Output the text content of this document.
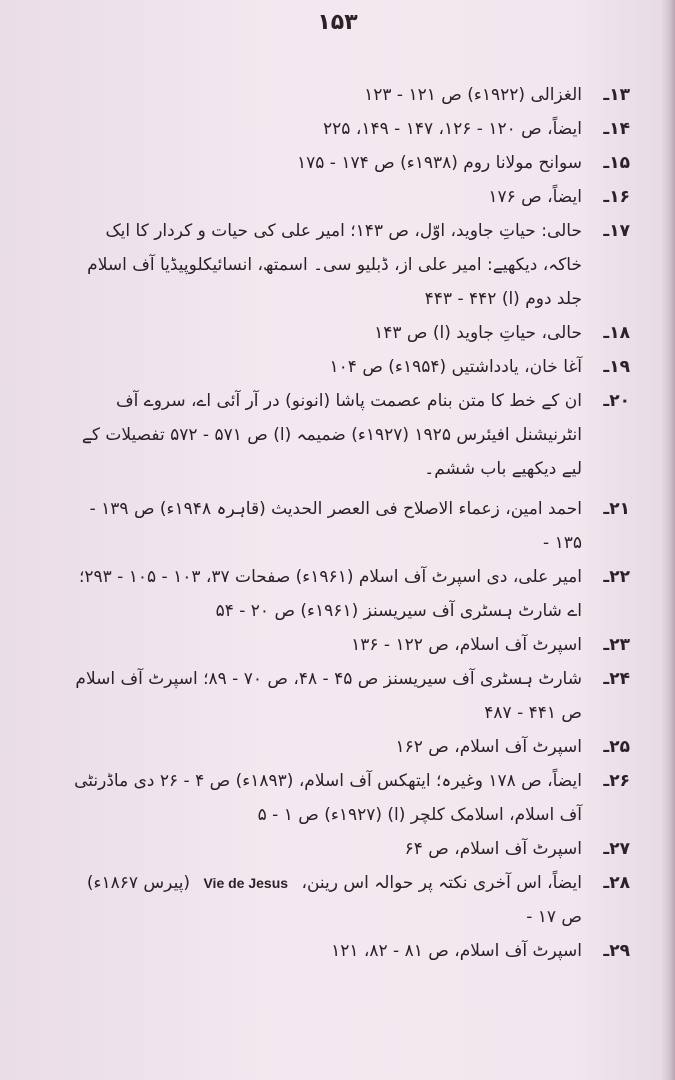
۱۵۳
۱۳ـ
الغزالی (۱۹۲۲ء) ص ۱۲۱ - ۱۲۳
۱۴ـ
ایضاً، ص ۱۲۰ - ۱۲۶، ۱۴۷ - ۱۴۹، ۲۲۵
۱۵ـ
سوانح مولانا روم (۱۹۳۸ء) ص ۱۷۴ - ۱۷۵
۱۶ـ
ایضاً، ص ۱۷۶
۱۷ـ
حالی: حیاتِ جاوید، اوّل، ص ۱۴۳؛ امیر علی کی حیات و کردار کا ایک خاکہ، دیکھیے: امیر علی از، ڈبلیو سی۔ اسمتھ، انسائیکلوپیڈیا آف اسلام جلد دوم (ا) ۴۴۲ - ۴۴۳
۱۸ـ
حالی، حیاتِ جاوید (ا) ص ۱۴۳
۱۹ـ
آغا خان، یادداشتیں (۱۹۵۴ء) ص ۱۰۴
۲۰ـ
ان کے خط کا متن بنام عصمت پاشا (انونو) در آر آئی اے، سروے آف انٹرنیشنل افیئرس ۱۹۲۵ (۱۹۲۷ء) ضمیمہ (ا) ص ۵۷۱ - ۵۷۲ تفصیلات کے لیے دیکھیے باب ششم۔
۲۱ـ
احمد امین، زعماء الاصلاح فی العصر الحدیث (قاہرہ ۱۹۴۸ء) ص ۱۳۹ - ۱۳۵ -
۲۲ـ
امیر علی، دی اسپرٹ آف اسلام (۱۹۶۱ء) صفحات ۳۷، ۱۰۳ - ۱۰۵ - ۲۹۳؛ اے شارٹ ہسٹری آف سیریسنز (۱۹۶۱ء) ص ۲۰ - ۵۴
۲۳ـ
اسپرٹ آف اسلام، ص ۱۲۲ - ۱۳۶
۲۴ـ
شارٹ ہسٹری آف سیریسنز ص ۴۵ - ۴۸، ص ۷۰ - ۸۹؛ اسپرٹ آف اسلام ص ۴۴۱ - ۴۸۷
۲۵ـ
اسپرٹ آف اسلام، ص ۱۶۲
۲۶ـ
ایضاً، ص ۱۷۸ وغیرہ؛ ایتھکس آف اسلام، (۱۸۹۳ء) ص ۴ - ۲۶ دی ماڈرنٹی آف اسلام، اسلامک کلچر (ا) (۱۹۲۷ء) ص ۱ - ۵
۲۷ـ
اسپرٹ آف اسلام، ص ۶۴
۲۸ـ
ایضاً، اس آخری نکتہ پر حوالہ اس رینن، Vie de Jesus (پیرس ۱۸۶۷ء) ص ۱۷ -
۲۹ـ
اسپرٹ آف اسلام، ص ۸۱ - ۸۲، ۱۲۱
